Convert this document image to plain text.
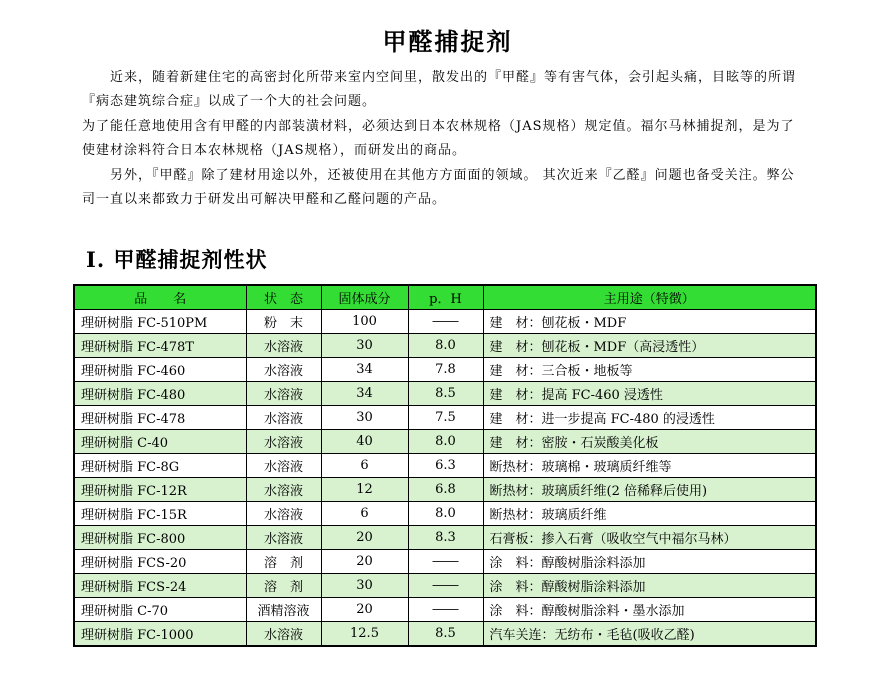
甲醛捕捉剂

　　近来，随着新建住宅的高密封化所带来室内空间里，散发出的『甲醛』等有害气体，会引起头痛，目眩等的所谓『病态建筑综合症』以成了一个大的社会问题。

为了能任意地使用含有甲醛的内部装潢材料，必须达到日本农林规格（JAS规格）规定值。福尔马林捕捉剂，是为了使建材涂料符合日本农林规格（JAS规格），而研发出的商品。

　　另外，『甲醛』除了建材用途以外，还被使用在其他方方面面的领域。 其次近来『乙醛』问题也备受关注。弊公司一直以来都致力于研发出可解决甲醛和乙醛问题的产品。

Ⅰ. 甲醛捕捉剂性状
品　　名	状　态	固体成分	p．H	主用途（特徴）
理研树脂 FC-510PM	粉　末	100	――	建　材：刨花板・MDF
理研树脂 FC-478T	水溶液	30	8.0	建　材：刨花板・MDF（高浸透性）
理研树脂 FC-460	水溶液	34	7.8	建　材：三合板・地板等
理研树脂 FC-480	水溶液	34	8.5	建　材：提高 FC-460 浸透性
理研树脂 FC-478	水溶液	30	7.5	建　材：进一步提高 FC-480 的浸透性
理研树脂 C-40	水溶液	40	8.0	建　材：密胺・石炭酸美化板
理研树脂 FC-8G	水溶液	6	6.3	断热材：玻璃棉・玻璃质纤维等
理研树脂 FC-12R	水溶液	12	6.8	断热材：玻璃质纤维(2 倍稀释后使用)
理研树脂 FC-15R	水溶液	6	8.0	断热材：玻璃质纤维
理研树脂 FC-800	水溶液	20	8.3	石膏板：掺入石膏（吸收空气中福尔马林）
理研树脂 FCS-20	溶　剂	20	――	涂　料：醇酸树脂涂料添加
理研树脂 FCS-24	溶　剂	30	――	涂　料：醇酸树脂涂料添加
理研树脂 C-70	酒精溶液	20	――	涂　料：醇酸树脂涂料・墨水添加
理研树脂 FC-1000	水溶液	12.5	8.5	汽车关连：无纺布・毛毡(吸收乙醛)
